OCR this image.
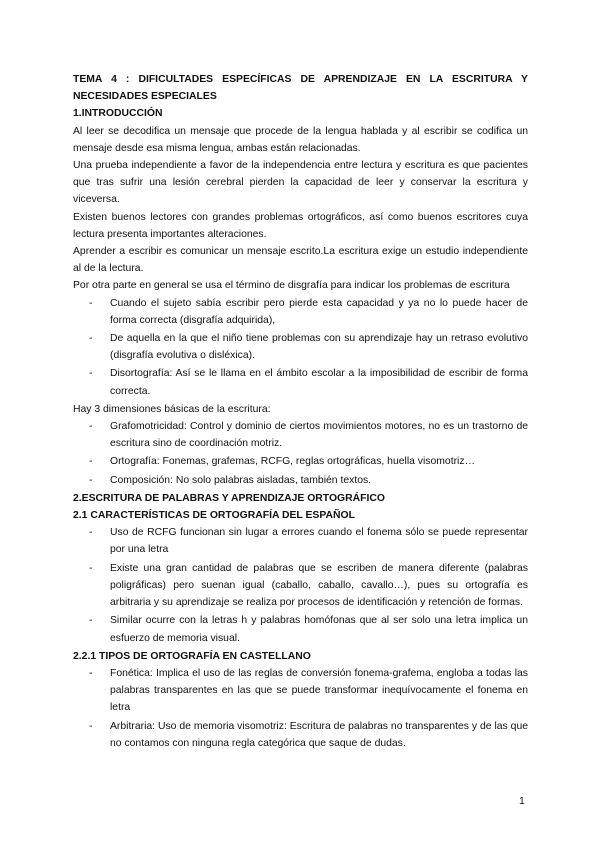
TEMA 4 : DIFICULTADES ESPECÍFICAS DE APRENDIZAJE EN LA ESCRITURA Y NECESIDADES ESPECIALES

1.INTRODUCCIÓN

Al leer se decodifica un mensaje que procede de la lengua hablada y al escribir se codifica un mensaje desde esa misma lengua, ambas están relacionadas.

Una prueba independiente a favor de la independencia entre lectura y escritura es que pacientes que tras sufrir una lesión cerebral pierden la capacidad de leer y conservar la escritura y viceversa.

Existen buenos lectores con grandes problemas ortográficos, así como buenos escritores cuya lectura presenta importantes alteraciones.

Aprender a escribir es comunicar un mensaje escrito.La escritura exige un estudio independiente al de la lectura.

Por otra parte en general se usa el término de disgrafía para indicar los problemas de escritura

- Cuando el sujeto sabía escribir pero pierde esta capacidad y ya no lo puede hacer de forma correcta (disgrafía adquirida),
- De aquella en la que el niño tiene problemas con su aprendizaje hay un retraso evolutivo (disgrafía evolutiva o disléxica).
- Disortografía: Así se le llama en el ámbito escolar a la imposibilidad de escribir de forma correcta.

Hay 3 dimensiones básicas de la escritura:

- Grafomotricidad: Control y dominio de ciertos movimientos motores, no es un trastorno de escritura sino de coordinación motriz.
- Ortografía: Fonemas, grafemas, RCFG, reglas ortográficas, huella visomotriz…
- Composición: No solo palabras aisladas, también textos.

2.ESCRITURA DE PALABRAS Y APRENDIZAJE ORTOGRÁFICO

2.1 CARACTERÍSTICAS DE ORTOGRAFÍA DEL ESPAÑOL

- Uso de RCFG funcionan sin lugar a errores cuando el fonema sólo se puede representar por una letra
- Existe una gran cantidad de palabras que se escriben de manera diferente (palabras poligráficas) pero suenan igual (caballo, caballo, cavallo…), pues su ortografía es arbitraria y su aprendizaje se realiza por procesos de identificación y retención de formas.
- Similar ocurre con la letras h y palabras homófonas que al ser solo una letra implica un esfuerzo de memoria visual.

2.2.1 TIPOS DE ORTOGRAFÍA EN CASTELLANO

- Fonética: Implica el uso de las reglas de conversión fonema-grafema, engloba a todas las palabras transparentes en las que se puede transformar inequívocamente el fonema en letra
- Arbitraria: Uso de memoria visomotriz: Escritura de palabras no transparentes y de las que no contamos con ninguna regla categórica que saque de dudas.
1
